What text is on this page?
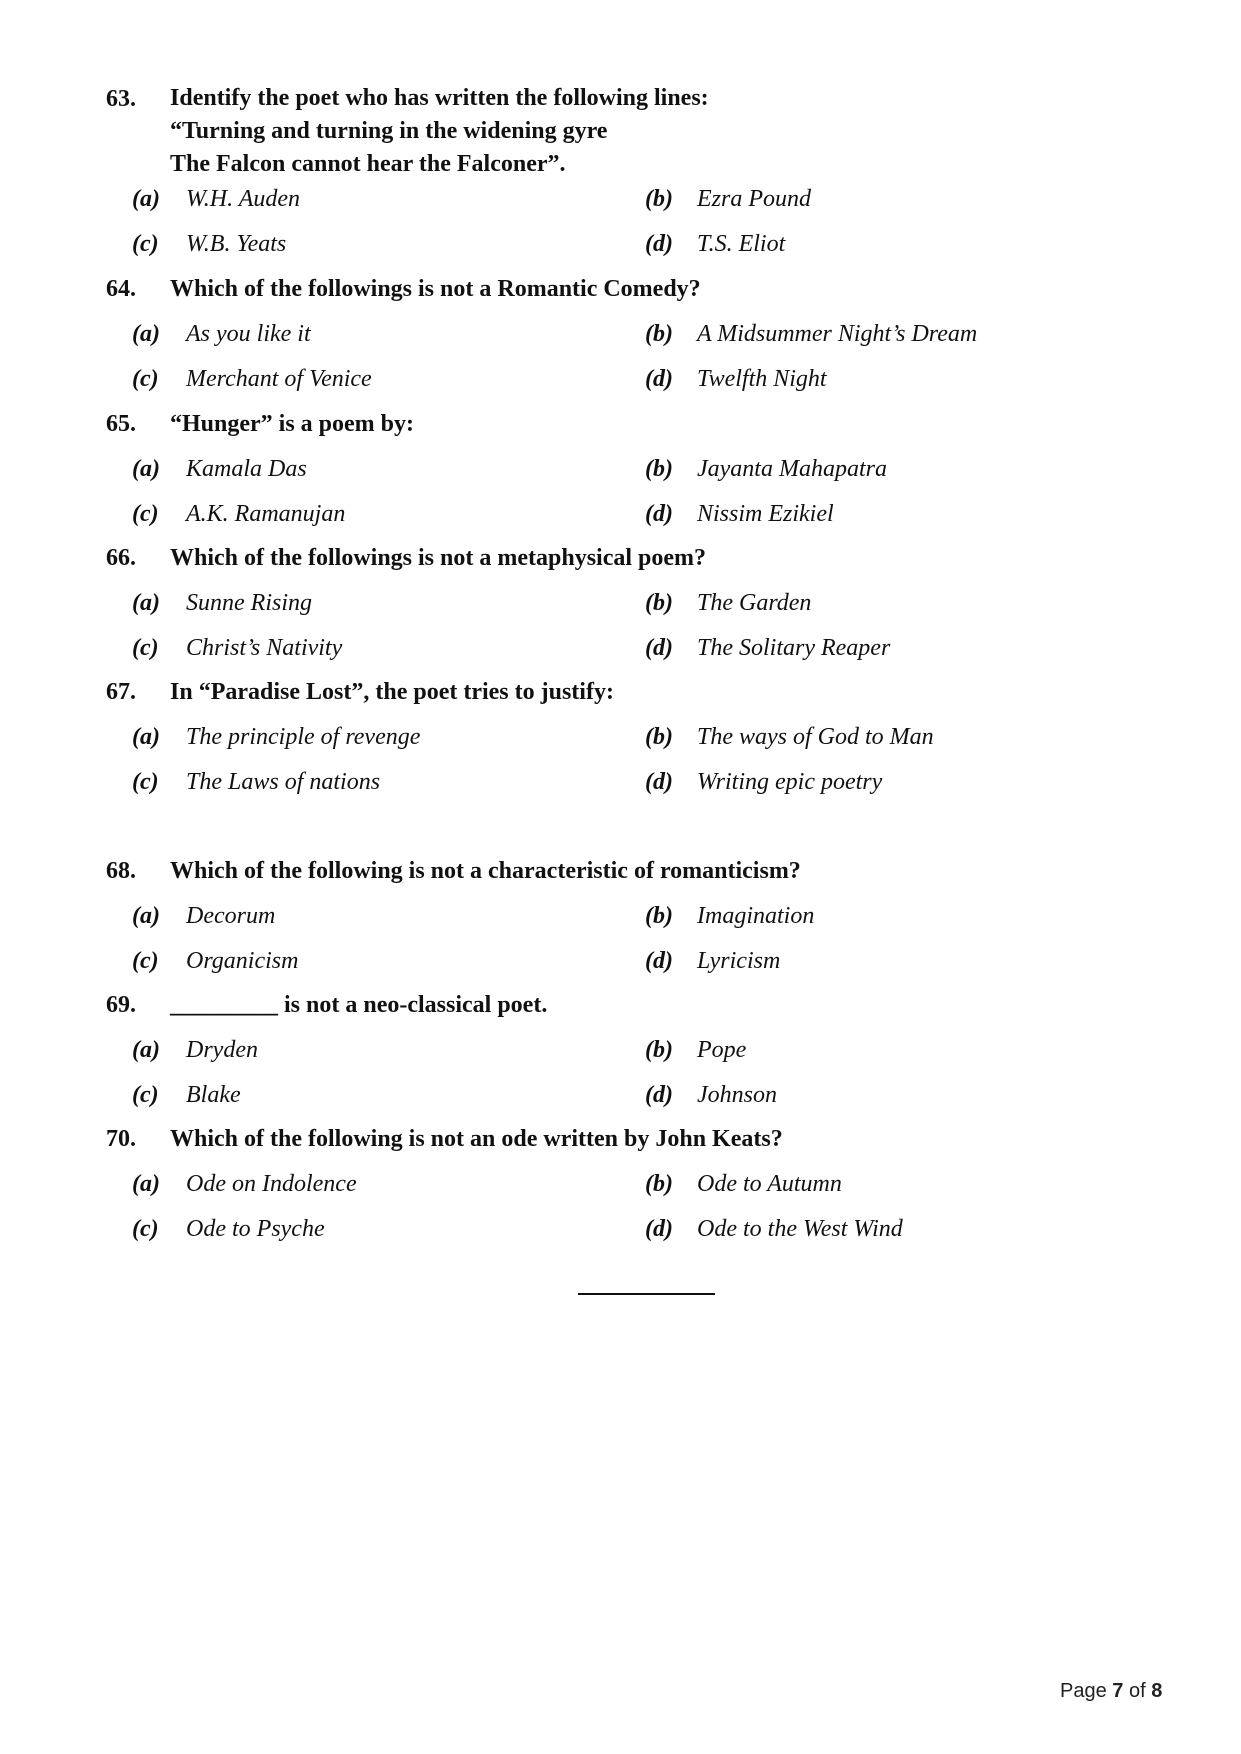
63. Identify the poet who has written the following lines:
“Turning and turning in the widening gyre
The Falcon cannot hear the Falconer”.
(a) W.H. Auden	(b) Ezra Pound
(c) W.B. Yeats	(d) T.S. Eliot
64. Which of the followings is not a Romantic Comedy?
(a) As you like it	(b) A Midsummer Night’s Dream
(c) Merchant of Venice	(d) Twelfth Night
65. “Hunger” is a poem by:
(a) Kamala Das	(b) Jayanta Mahapatra
(c) A.K. Ramanujan	(d) Nissim Ezikiel
66. Which of the followings is not a metaphysical poem?
(a) Sunne Rising	(b) The Garden
(c) Christ’s Nativity	(d) The Solitary Reaper
67. In “Paradise Lost”, the poet tries to justify:
(a) The principle of revenge	(b) The ways of God to Man
(c) The Laws of nations	(d) Writing epic poetry
68. Which of the following is not a characteristic of romanticism?
(a) Decorum	(b) Imagination
(c) Organicism	(d) Lyricism
69. _________ is not a neo-classical poet.
(a) Dryden	(b) Pope
(c) Blake	(d) Johnson
70. Which of the following is not an ode written by John Keats?
(a) Ode on Indolence	(b) Ode to Autumn
(c) Ode to Psyche	(d) Ode to the West Wind
Page 7 of 8
